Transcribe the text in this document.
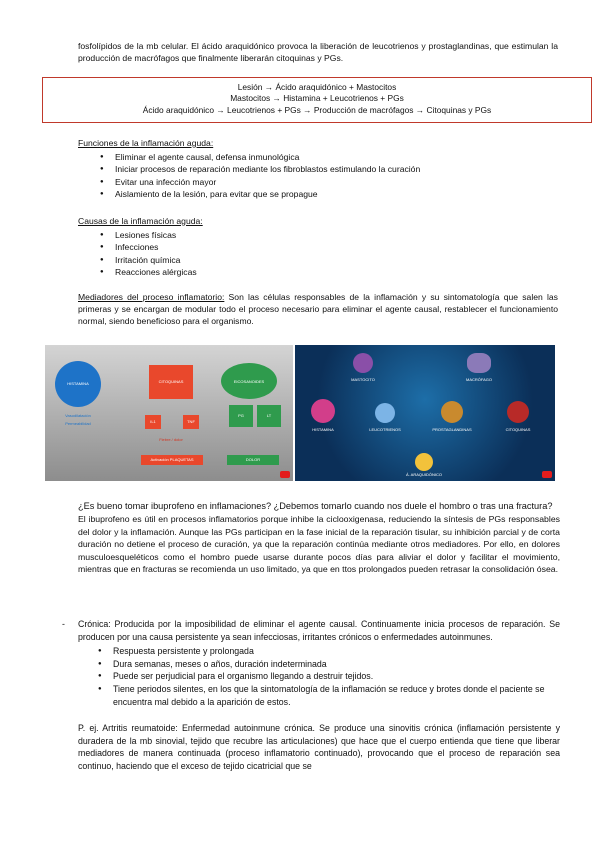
fosfolípidos de la mb celular. El ácido araquidónico provoca la liberación de leucotrienos y prostaglandinas, que estimulan la producción de macrófagos que finalmente liberarán citoquinas y PGs.

Lesión → Ácido araquidónico + Mastocitos
Mastocitos → Histamina + Leucotrienos + PGs
Ácido araquidónico → Leucotrienos + PGs → Producción de macrófagos → Citoquinas y PGs
Funciones de la inflamación aguda:
● Eliminar el agente causal, defensa inmunológica
● Iniciar procesos de reparación mediante los fibroblastos estimulando la curación
● Evitar una infección mayor
● Aislamiento de la lesión, para evitar que se propague
Causas de la inflamación aguda:
● Lesiones físicas
● Infecciones
● Irritación química
● Reacciones alérgicas

Mediadores del proceso inflamatorio: Son las células responsables de la inflamación y su sintomatología que salen las primeras y se encargan de modular todo el proceso necesario para eliminar el agente causal, restablecer el funcionamiento normal, siendo beneficioso para el organismo.

HISTAMINA
Vasodilatación
Permeabilidad
CITOQUINAS
IL1	TNF
Fiebre / dolor
Activación PLAQUETAS
EICOSANOIDES
PG	LT
DOLOR
MASTOCITO	MACRÓFAGO
HISTAMINA	LEUCOTRIENOS	PROSTAGLANDINAS	CITOQUINAS
Á. ARAQUIDÓNICO

¿Es bueno tomar ibuprofeno en inflamaciones? ¿Debemos tomarlo cuando nos duele el hombro o tras una fractura?

El ibuprofeno es útil en procesos inflamatorios porque inhibe la ciclooxigenasa, reduciendo la síntesis de PGs responsables del dolor y la inflamación. Aunque las PGs participan en la fase inicial de la reparación tisular, su inhibición parcial y de corta duración no detiene el proceso de curación, ya que la reparación continúa mediante otros mediadores. Por ello, en dolores musculoesqueléticos como el hombro puede usarse durante pocos días para aliviar el dolor y facilitar el movimiento, mientras que en fracturas se recomienda un uso limitado, ya que en ttos prolongados pueden retrasar la consolidación ósea.

- Crónica: Producida por la imposibilidad de eliminar el agente causal. Continuamente inicia procesos de reparación. Se producen por una causa persistente ya sean infecciosas, irritantes crónicos o enfermedades autoinmunes.

● Respuesta persistente y prolongada
● Dura semanas, meses o años, duración indeterminada
● Puede ser perjudicial para el organismo llegando a destruir tejidos.
● Tiene periodos silentes, en los que la sintomatología de la inflamación se reduce y brotes donde el paciente se encuentra mal debido a la aparición de estos.

P. ej. Artritis reumatoide: Enfermedad autoinmune crónica. Se produce una sinovitis crónica (inflamación persistente y duradera de la mb sinovial, tejido que recubre las articulaciones) que hace que el cuerpo entienda que tiene que liberar mediadores de manera continuada (proceso inflamatorio continuado), provocando que el proceso de reparación sea continuo, haciendo que el exceso de tejido cicatricial que se
